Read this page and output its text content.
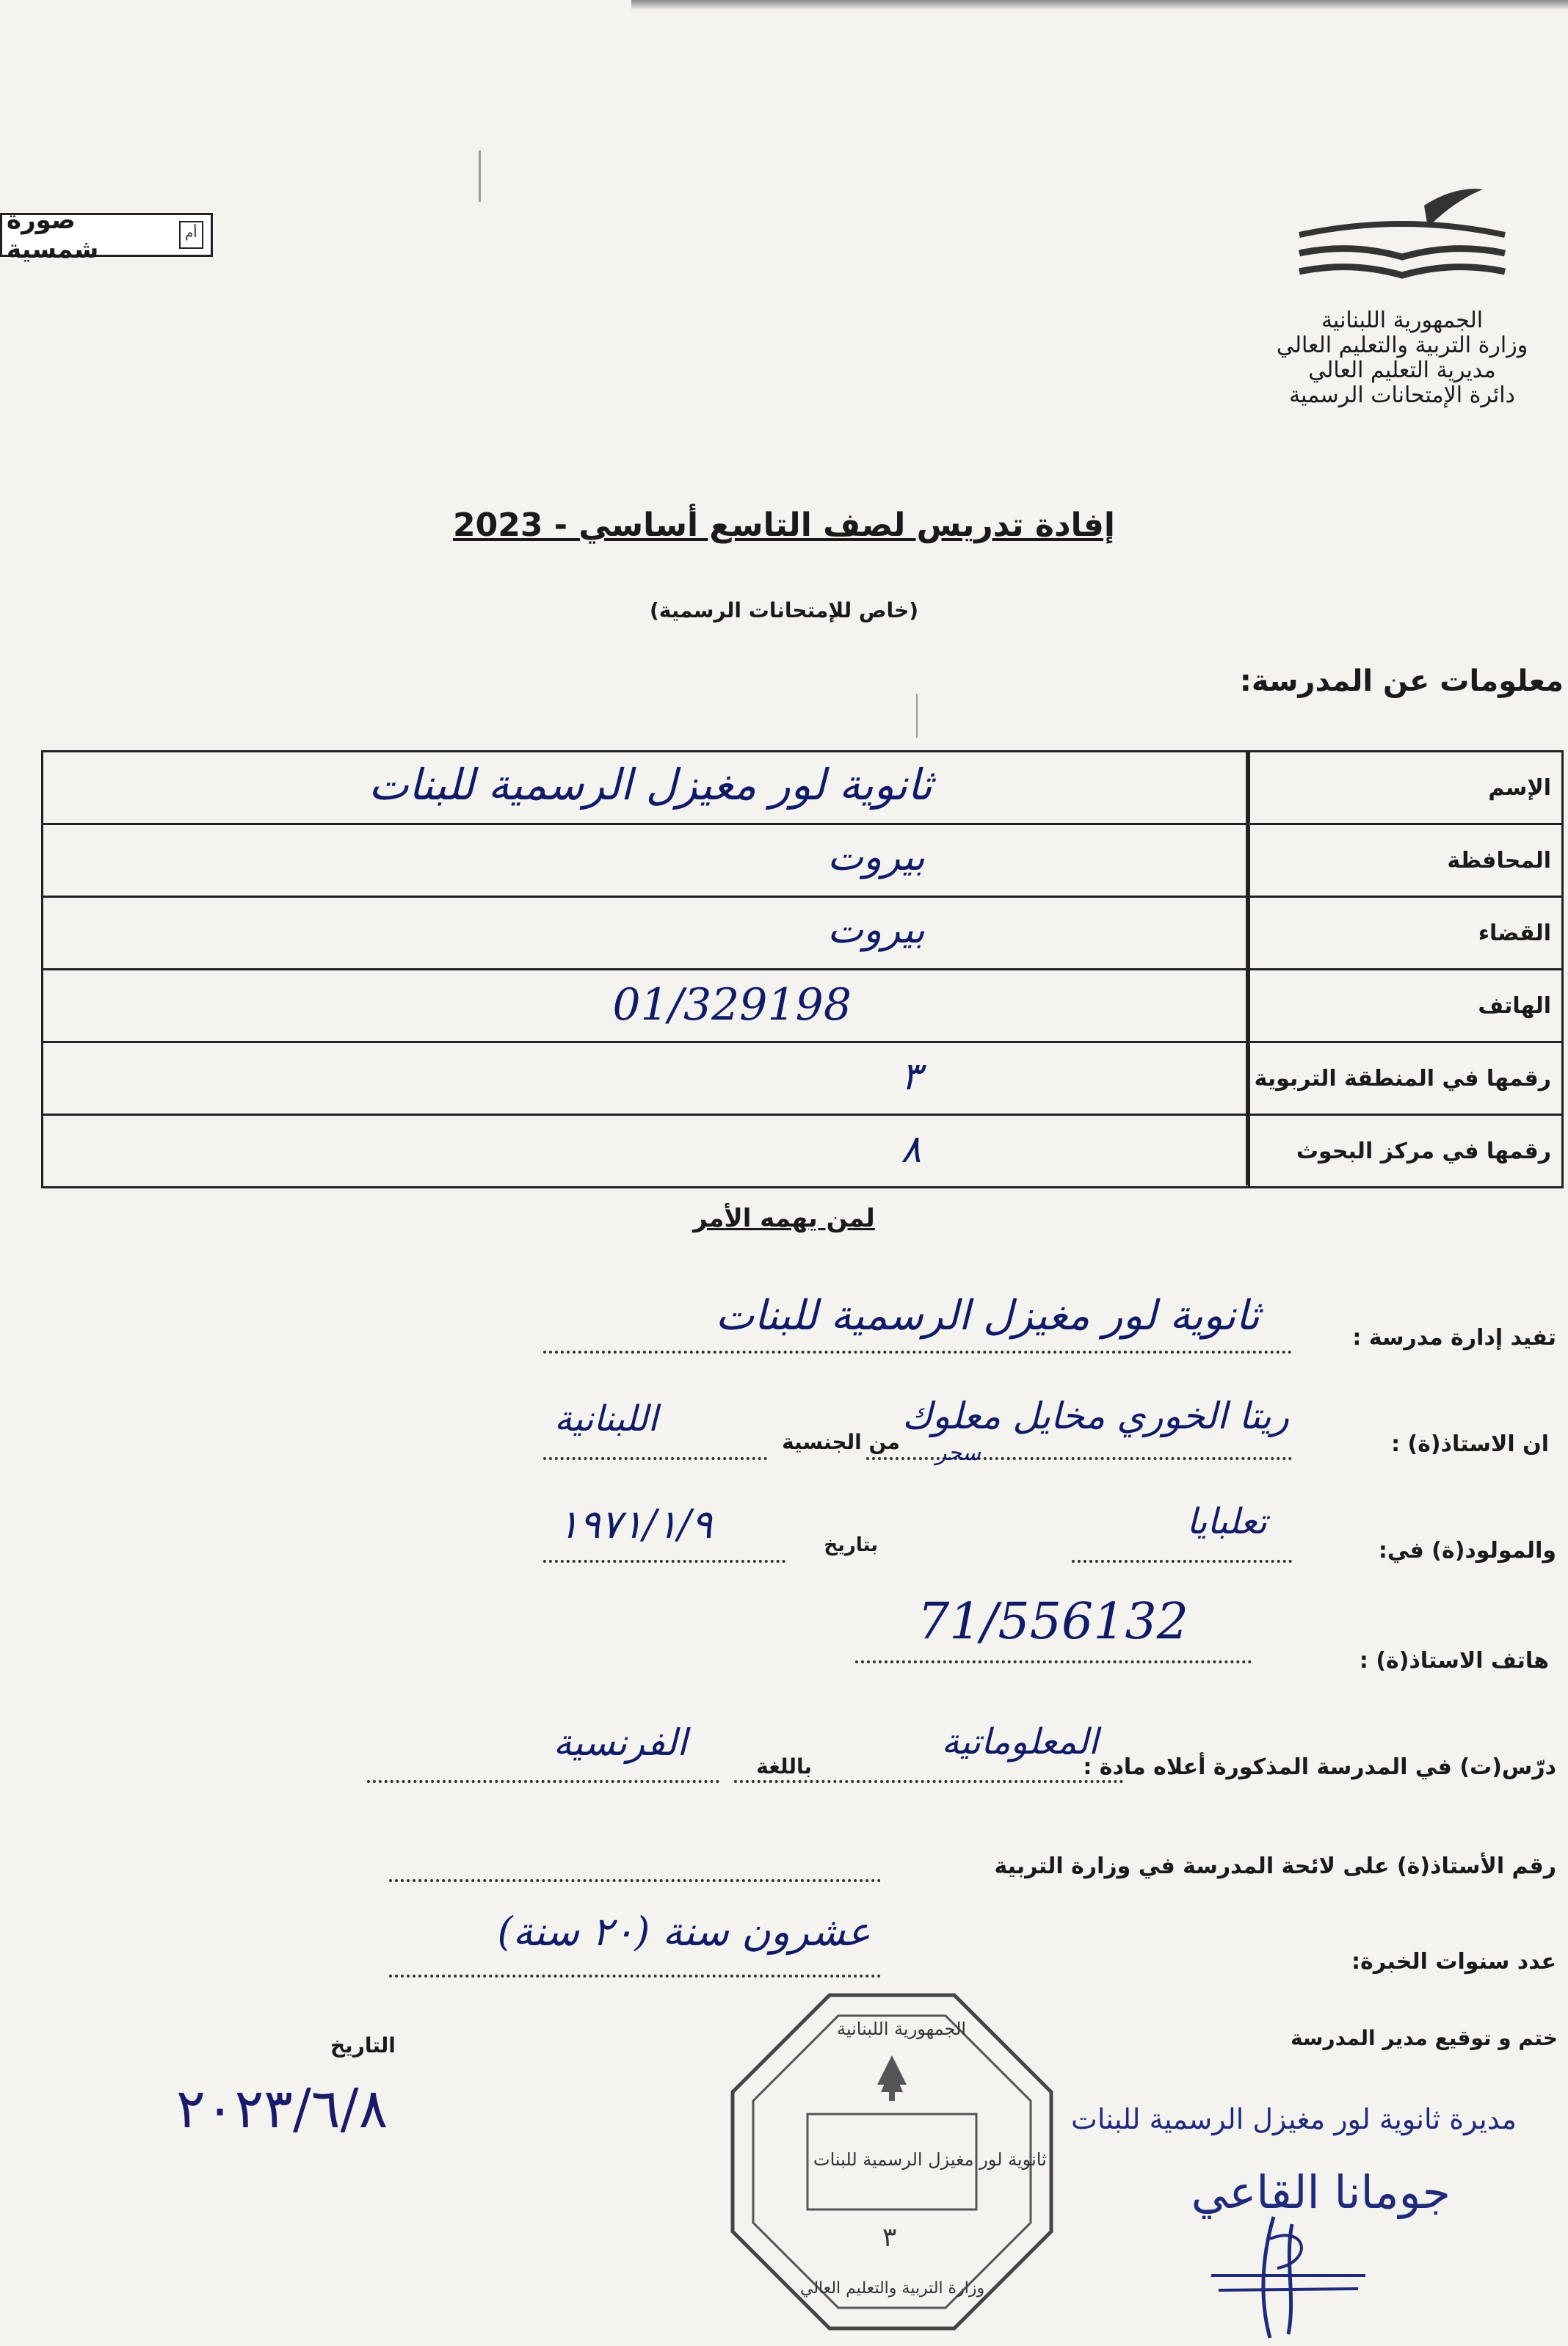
صورة شمسية
أم
الجمهورية اللبنانية
وزارة التربية والتعليم العالي
مديرية التعليم العالي
دائرة الإمتحانات الرسمية
إفادة تدريس لصف التاسع أساسي - 2023
(خاص للإمتحانات الرسمية)
معلومات عن المدرسة:
الإسم	ثانوية لور مغيزل الرسمية للبنات

المحافظة	بيروت

القضاء	بيروت

الهاتف	01/329198

رقمها في المنطقة التربوية	٣

رقمها في مركز البحوث	٨
لمن يهمه الأمر
تفيد إدارة مدرسة :
ثانوية لور مغيزل الرسمية للبنات
ان الاستاذ(ة) :
ريتا الخوري مخايل معلوك
سحر
من الجنسية
اللبنانية
والمولود(ة) في:
تعلبايا
بتاريخ
١٩٧١/١/٩
هاتف الاستاذ(ة) :
71/556132
درّس(ت) في المدرسة المذكورة أعلاه مادة :
المعلوماتية
باللغة
الفرنسية
رقم الأستاذ(ة) على لائحة المدرسة في وزارة التربية
عدد سنوات الخبرة:
عشرون سنة (٢٠ سنة)
ختم و توقيع مدير المدرسة
التاريخ
٢٠٢٣/٦/٨
الجمهورية اللبنانية
ثانوية لور مغيزل الرسمية للبنات
٣
وزارة التربية والتعليم العالي
مديرة ثانوية لور مغيزل الرسمية للبنات
جومانا القاعي
